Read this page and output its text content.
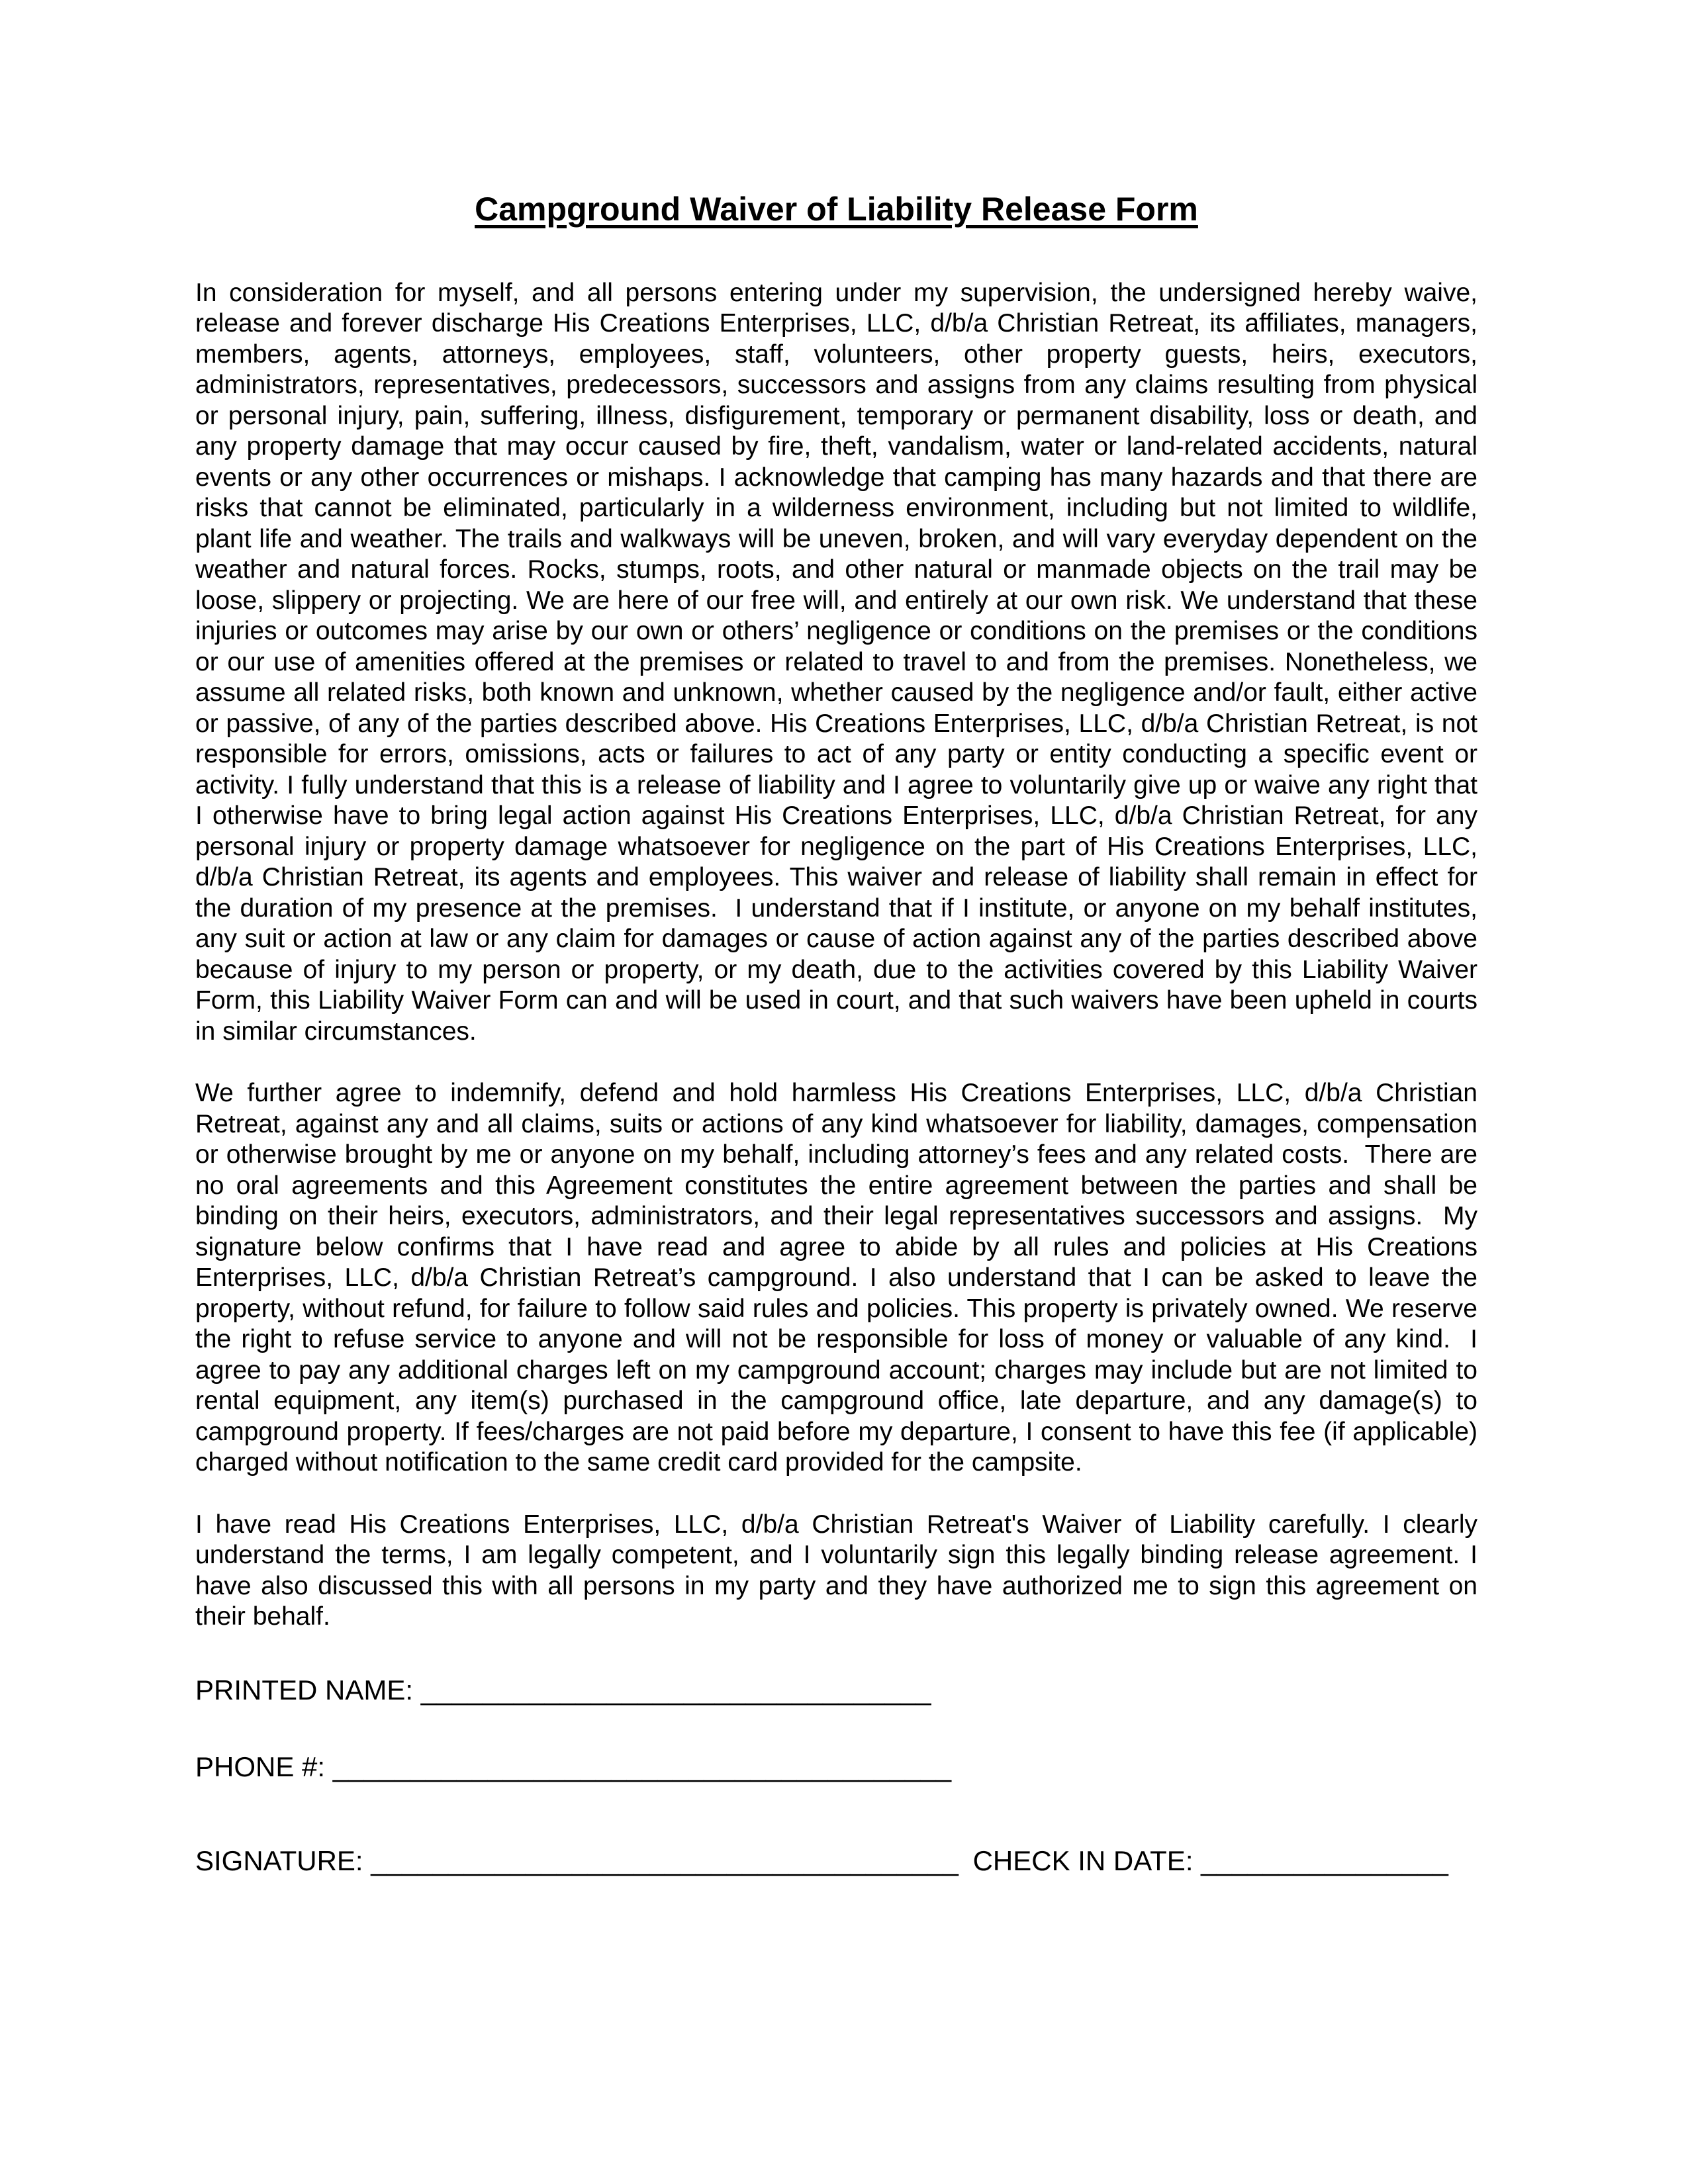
Campground Waiver of Liability Release Form

In consideration for myself, and all persons entering under my supervision, the undersigned hereby waive, release and forever discharge His Creations Enterprises, LLC, d/b/a Christian Retreat, its affiliates, managers, members, agents, attorneys, employees, staff, volunteers, other property guests, heirs, executors, administrators, representatives, predecessors, successors and assigns from any claims resulting from physical or personal injury, pain, suffering, illness, disfigurement, temporary or permanent disability, loss or death, and any property damage that may occur caused by fire, theft, vandalism, water or land-related accidents, natural events or any other occurrences or mishaps. I acknowledge that camping has many hazards and that there are risks that cannot be eliminated, particularly in a wilderness environment, including but not limited to wildlife, plant life and weather. The trails and walkways will be uneven, broken, and will vary everyday dependent on the weather and natural forces. Rocks, stumps, roots, and other natural or manmade objects on the trail may be loose, slippery or projecting. We are here of our free will, and entirely at our own risk. We understand that these injuries or outcomes may arise by our own or others’ negligence or conditions on the premises or the conditions or our use of amenities offered at the premises or related to travel to and from the premises. Nonetheless, we assume all related risks, both known and unknown, whether caused by the negligence and/or fault, either active or passive, of any of the parties described above. His Creations Enterprises, LLC, d/b/a Christian Retreat, is not responsible for errors, omissions, acts or failures to act of any party or entity conducting a specific event or activity. I fully understand that this is a release of liability and I agree to voluntarily give up or waive any right that I otherwise have to bring legal action against His Creations Enterprises, LLC, d/b/a Christian Retreat, for any personal injury or property damage whatsoever for negligence on the part of His Creations Enterprises, LLC, d/b/a Christian Retreat, its agents and employees. This waiver and release of liability shall remain in effect for the duration of my presence at the premises.  I understand that if I institute, or anyone on my behalf institutes, any suit or action at law or any claim for damages or cause of action against any of the parties described above because of injury to my person or property, or my death, due to the activities covered by this Liability Waiver Form, this Liability Waiver Form can and will be used in court, and that such waivers have been upheld in courts in similar circumstances.

We further agree to indemnify, defend and hold harmless His Creations Enterprises, LLC, d/b/a Christian Retreat, against any and all claims, suits or actions of any kind whatsoever for liability, damages, compensation or otherwise brought by me or anyone on my behalf, including attorney’s fees and any related costs.  There are no oral agreements and this Agreement constitutes the entire agreement between the parties and shall be binding on their heirs, executors, administrators, and their legal representatives successors and assigns.  My signature below confirms that I have read and agree to abide by all rules and policies at His Creations Enterprises, LLC, d/b/a Christian Retreat’s campground. I also understand that I can be asked to leave the property, without refund, for failure to follow said rules and policies. This property is privately owned. We reserve the right to refuse service to anyone and will not be responsible for loss of money or valuable of any kind.  I agree to pay any additional charges left on my campground account; charges may include but are not limited to rental equipment, any item(s) purchased in the campground office, late departure, and any damage(s) to campground property. If fees/charges are not paid before my departure, I consent to have this fee (if applicable) charged without notification to the same credit card provided for the campsite.

I have read His Creations Enterprises, LLC, d/b/a Christian Retreat's Waiver of Liability carefully. I clearly understand the terms, I am legally competent, and I voluntarily sign this legally binding release agreement. I have also discussed this with all persons in my party and they have authorized me to sign this agreement on their behalf.

PRINTED NAME: _________________________________
PHONE #: ________________________________________
SIGNATURE: ______________________________________ CHECK IN DATE: ________________
